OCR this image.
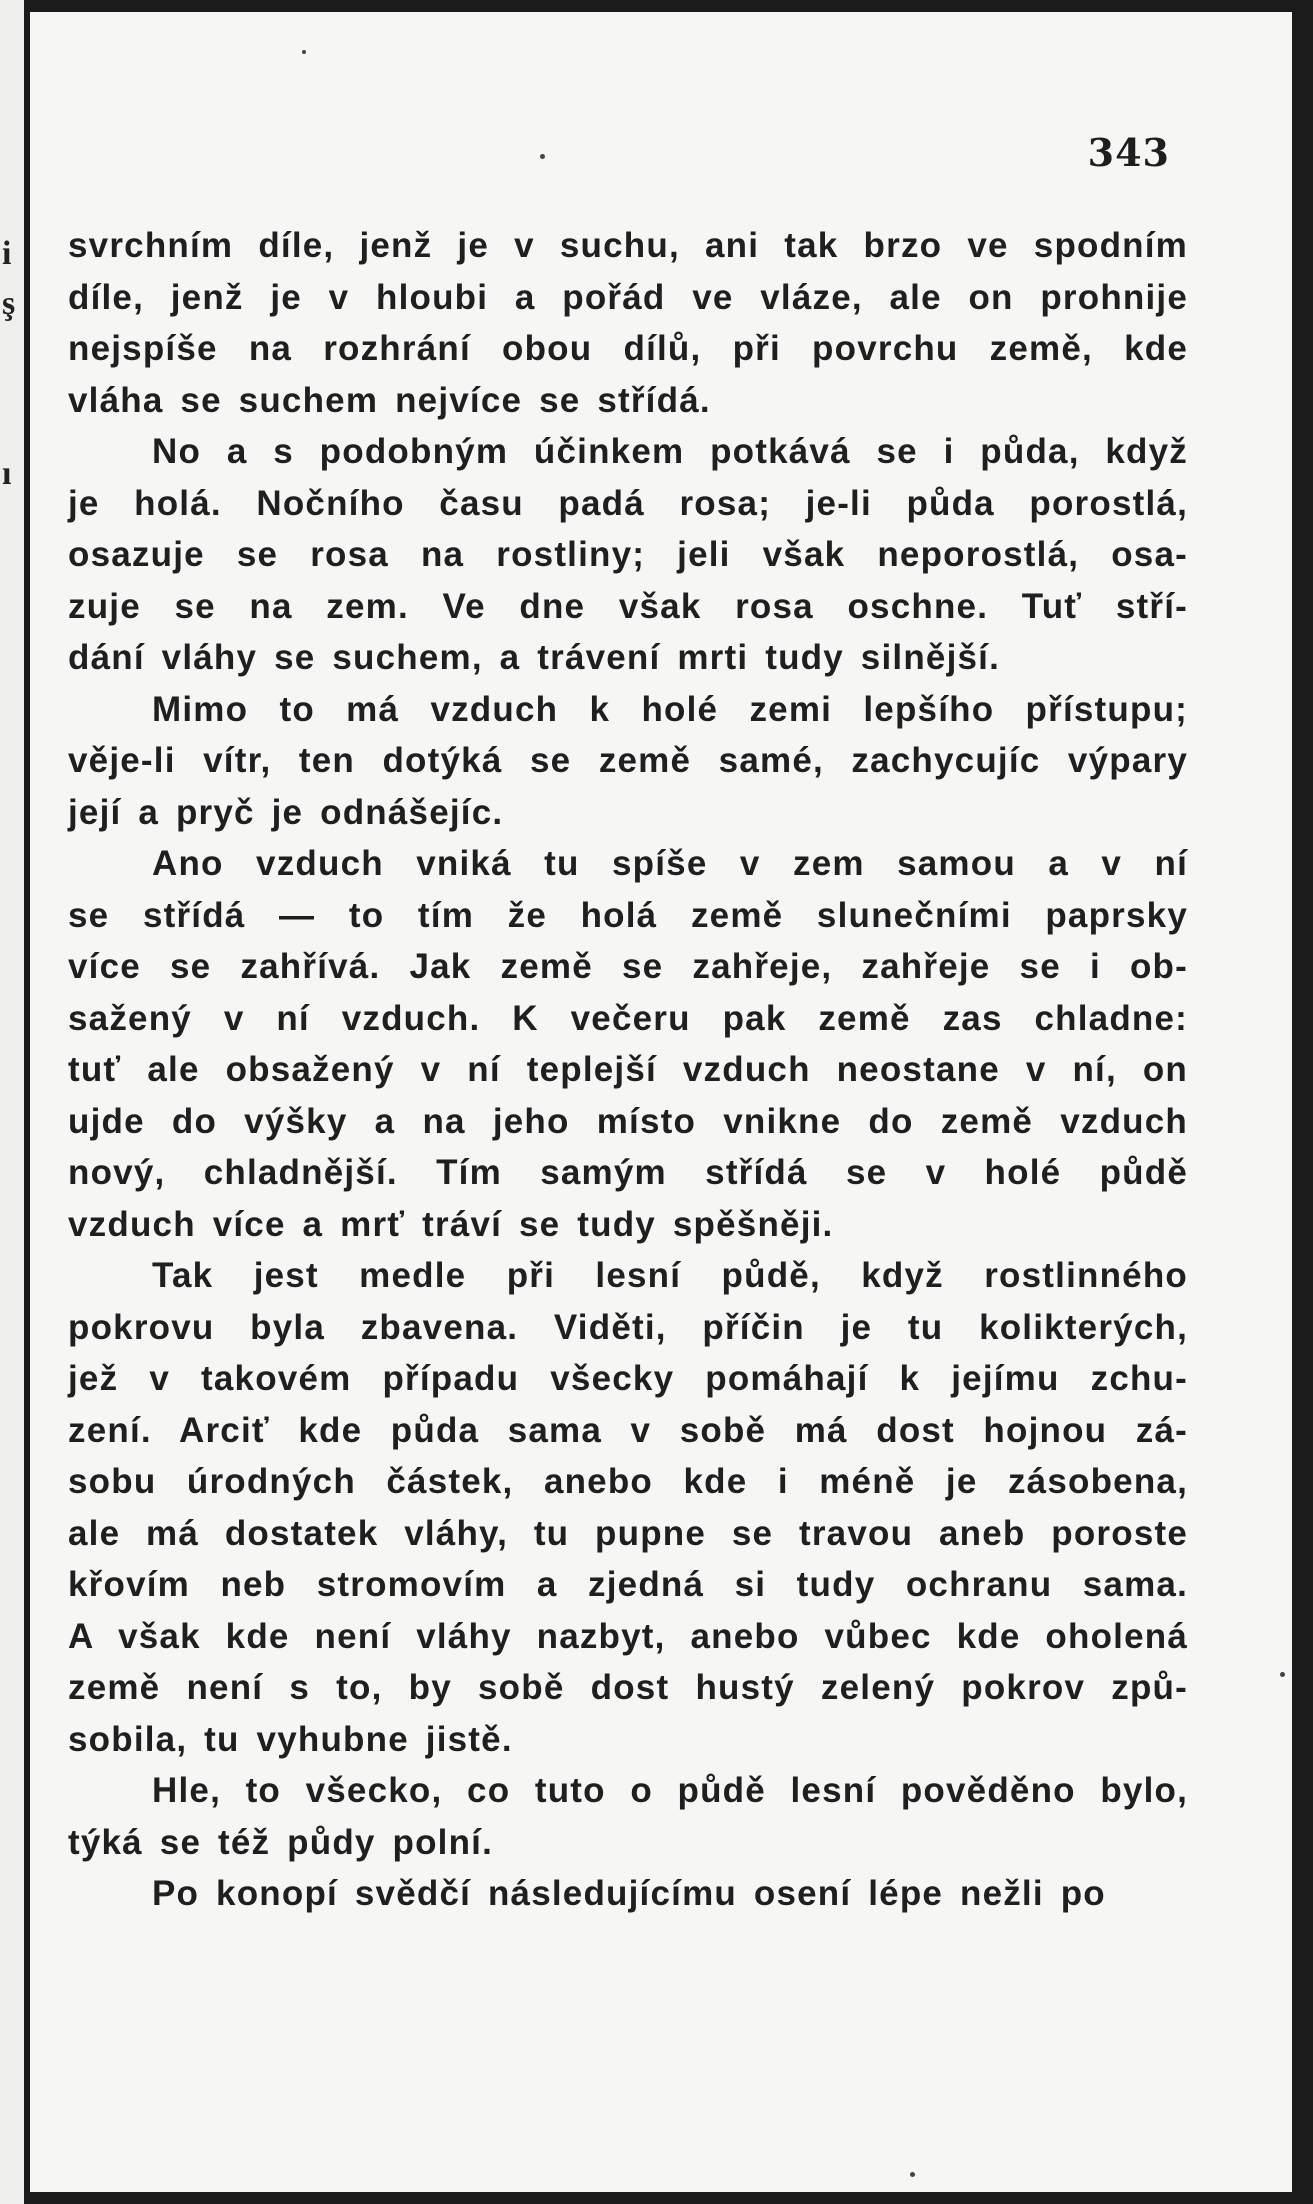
i
ş
ı
343
svrchním díle, jenž je v suchu, ani tak brzo ve spodním
díle, jenž je v hloubi a pořád ve vláze, ale on prohnije
nejspíše na rozhrání obou dílů, při povrchu země, kde
vláha se suchem nejvíce se střídá.
No a s podobným účinkem potkává se i půda, když
je holá. Nočního času padá rosa; je-li půda porostlá,
osazuje se rosa na rostliny; jeli však neporostlá, osa-
zuje se na zem. Ve dne však rosa oschne. Tuť stří-
dání vláhy se suchem, a trávení mrti tudy silnější.
Mimo to má vzduch k holé zemi lepšího přístupu;
věje-li vítr, ten dotýká se země samé, zachycujíc výpary
její a pryč je odnášejíc.
Ano vzduch vniká tu spíše v zem samou a v ní
se střídá — to tím že holá země slunečními paprsky
více se zahřívá. Jak země se zahřeje, zahřeje se i ob-
sažený v ní vzduch. K večeru pak země zas chladne:
tuť ale obsažený v ní teplejší vzduch neostane v ní, on
ujde do výšky a na jeho místo vnikne do země vzduch
nový, chladnější. Tím samým střídá se v holé půdě
vzduch více a mrť tráví se tudy spěšněji.
Tak jest medle při lesní půdě, když rostlinného
pokrovu byla zbavena. Viděti, příčin je tu kolikterých,
jež v takovém případu všecky pomáhají k jejímu zchu-
zení. Arciť kde půda sama v sobě má dost hojnou zá-
sobu úrodných částek, anebo kde i méně je zásobena,
ale má dostatek vláhy, tu pupne se travou aneb poroste
křovím neb stromovím a zjedná si tudy ochranu sama.
A však kde není vláhy nazbyt, anebo vůbec kde oholená
země není s to, by sobě dost hustý zelený pokrov způ-
sobila, tu vyhubne jistě.
Hle, to všecko, co tuto o půdě lesní pověděno bylo,
týká se též půdy polní.
Po konopí svědčí následujícímu osení lépe nežli po
